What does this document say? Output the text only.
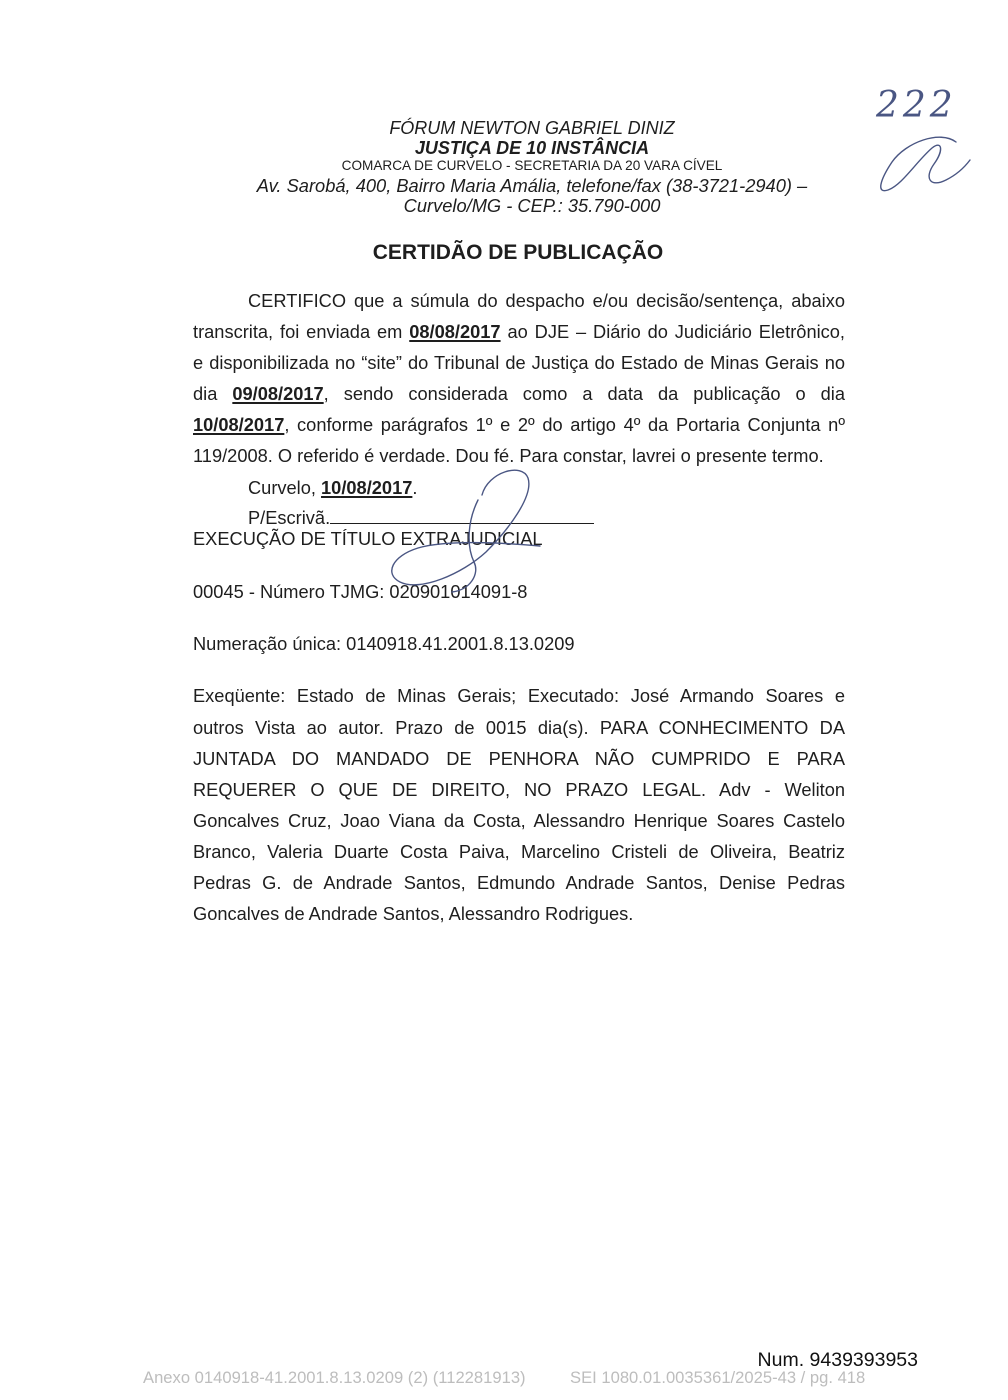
222
FÓRUM NEWTON GABRIEL DINIZ
JUSTIÇA DE 10 INSTÂNCIA
COMARCA DE CURVELO - SECRETARIA DA 20 VARA CÍVEL
Av. Sarobá, 400, Bairro Maria Amália, telefone/fax (38-3721-2940) –
Curvelo/MG - CEP.: 35.790-000
CERTIDÃO DE PUBLICAÇÃO
CERTIFICO que a súmula do despacho e/ou decisão/sentença, abaixo
transcrita, foi enviada em 08/08/2017 ao DJE – Diário do Judiciário Eletrônico,
e disponibilizada no “site” do Tribunal de Justiça do Estado de Minas Gerais no
dia 09/08/2017, sendo considerada como a data da publicação o dia
10/08/2017, conforme parágrafos 1º e 2º do artigo 4º da Portaria Conjunta nº
119/2008. O referido é verdade. Dou fé. Para constar, lavrei o presente termo.
Curvelo, 10/08/2017.
P/Escrivã.
EXECUÇÃO DE TÍTULO EXTRAJUDICIAL
00045 - Número TJMG: 020901014091-8
Numeração única: 0140918.41.2001.8.13.0209
Exeqüente: Estado de Minas Gerais; Executado: José Armando Soares e
outros Vista ao autor. Prazo de 0015 dia(s). PARA CONHECIMENTO DA
JUNTADA DO MANDADO DE PENHORA NÃO CUMPRIDO E PARA
REQUERER O QUE DE DIREITO, NO PRAZO LEGAL. Adv - Weliton
Goncalves Cruz, Joao Viana da Costa, Alessandro Henrique Soares Castelo
Branco, Valeria Duarte Costa Paiva, Marcelino Cristeli de Oliveira, Beatriz
Pedras G. de Andrade Santos, Edmundo Andrade Santos, Denise Pedras
Goncalves de Andrade Santos, Alessandro Rodrigues.
Num. 9439393953
Anexo 0140918-41.2001.8.13.0209 (2) (112281913)	SEI 1080.01.0035361/2025-43 / pg. 418
